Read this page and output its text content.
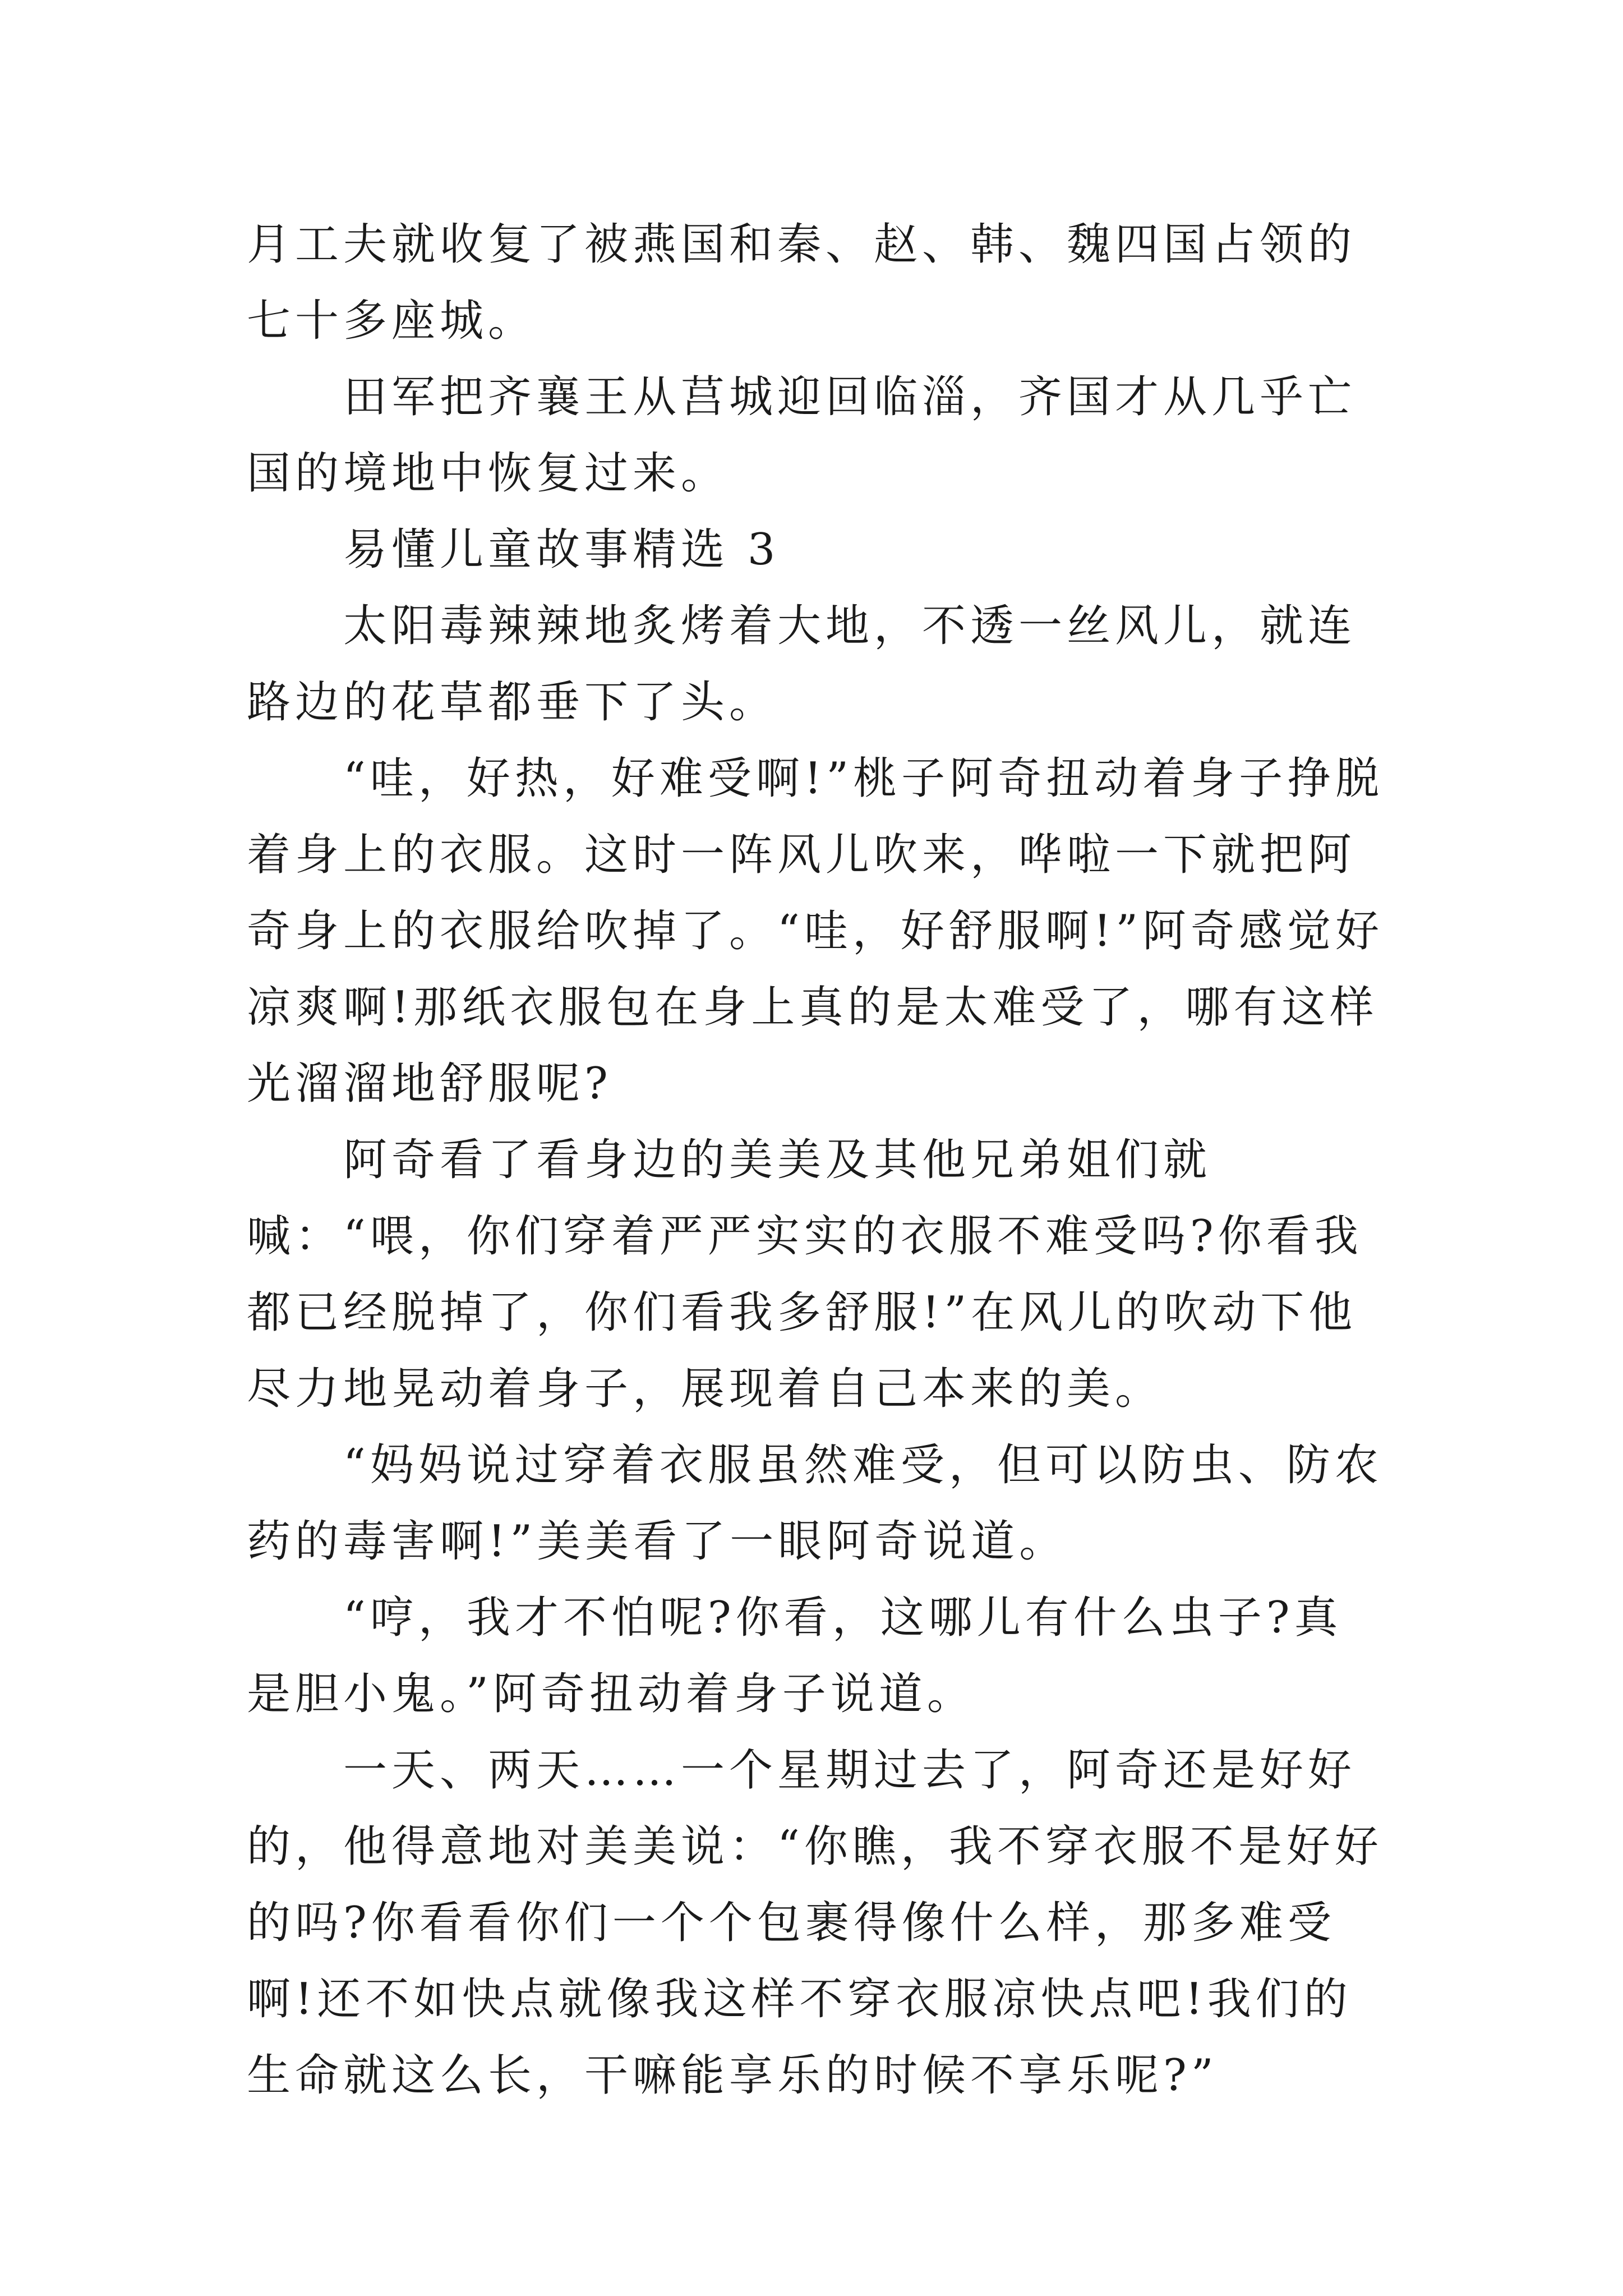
月工夫就收复了被燕国和秦、赵、韩、魏四国占领的七十多座城。

田军把齐襄王从莒城迎回临淄，齐国才从几乎亡国的境地中恢复过来。

易懂儿童故事精选 3

太阳毒辣辣地炙烤着大地，不透一丝风儿，就连路边的花草都垂下了头。

“哇，好热，好难受啊!”桃子阿奇扭动着身子挣脱着身上的衣服。这时一阵风儿吹来，哗啦一下就把阿奇身上的衣服给吹掉了。“哇，好舒服啊!”阿奇感觉好凉爽啊!那纸衣服包在身上真的是太难受了，哪有这样光溜溜地舒服呢?

阿奇看了看身边的美美及其他兄弟姐们就喊：“喂，你们穿着严严实实的衣服不难受吗?你看我都已经脱掉了，你们看我多舒服!”在风儿的吹动下他尽力地晃动着身子，展现着自己本来的美。

“妈妈说过穿着衣服虽然难受，但可以防虫、防农药的毒害啊!”美美看了一眼阿奇说道。

“哼，我才不怕呢?你看，这哪儿有什么虫子?真是胆小鬼。”阿奇扭动着身子说道。

一天、两天……一个星期过去了，阿奇还是好好的，他得意地对美美说：“你瞧，我不穿衣服不是好好的吗?你看看你们一个个包裹得像什么样，那多难受啊!还不如快点就像我这样不穿衣服凉快点吧!我们的生命就这么长，干嘛能享乐的时候不享乐呢?”
